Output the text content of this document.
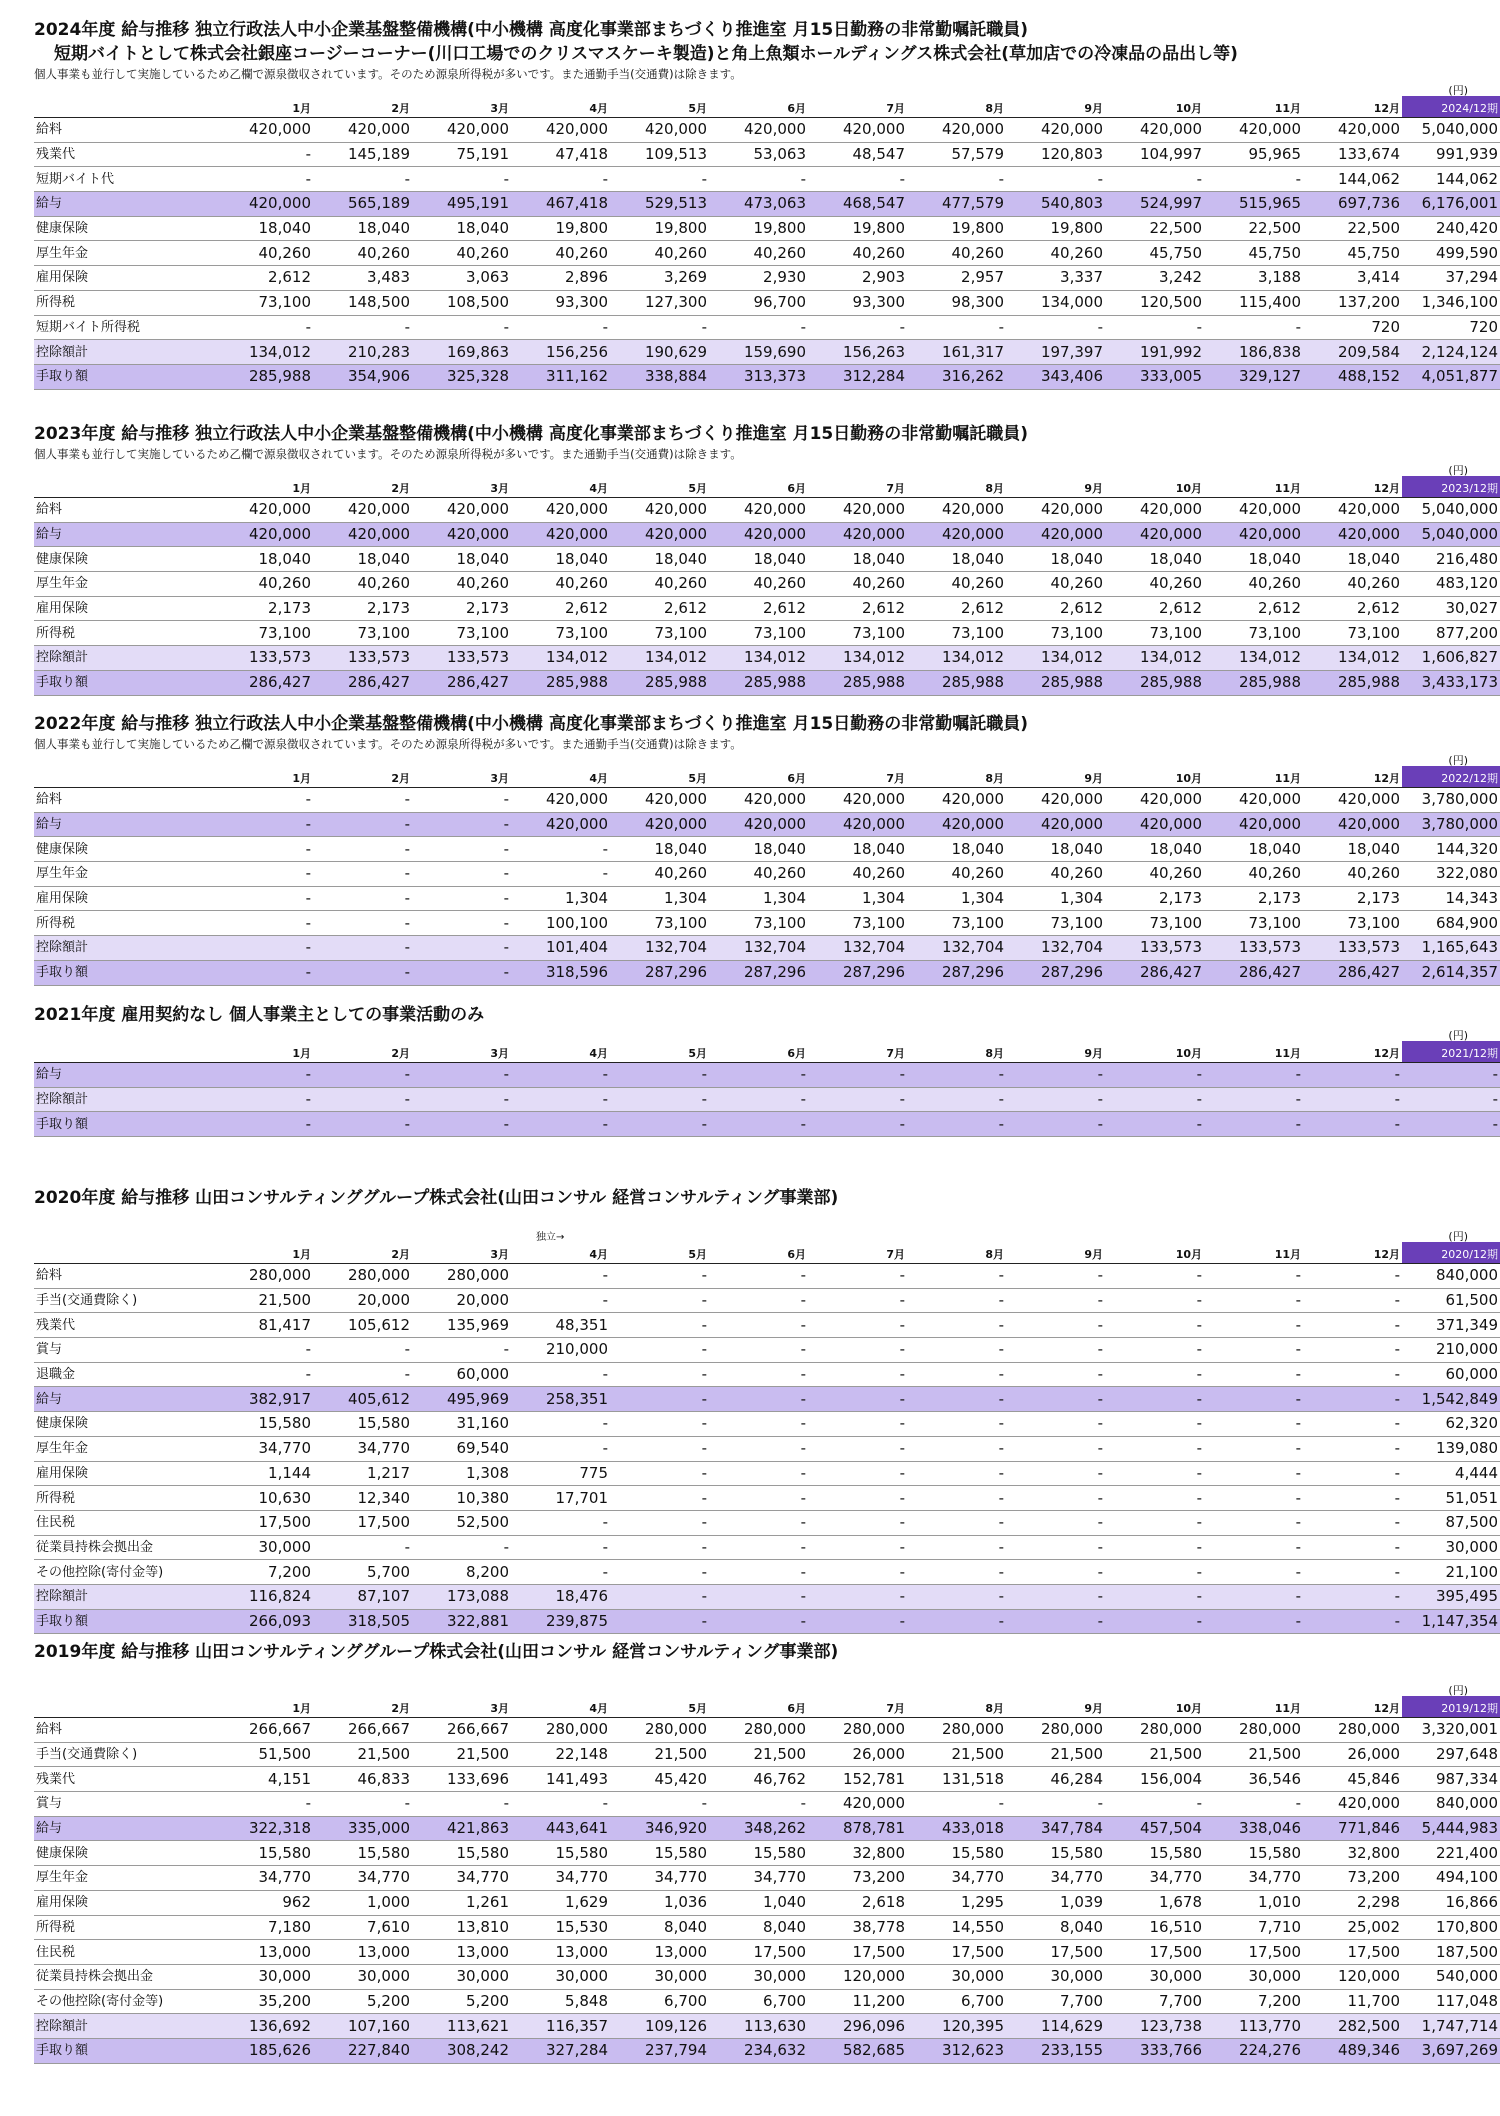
2024年度 給与推移 独立行政法人中小企業基盤整備機構(中小機構 高度化事業部まちづくり推進室 月15日勤務の非常勤嘱託職員)
短期バイトとして株式会社銀座コージーコーナー(川口工場でのクリスマスケーキ製造)と角上魚類ホールディングス株式会社(草加店での冷凍品の品出し等)
個人事業も並行して実施しているため乙欄で源泉徴収されています。そのため源泉所得税が多いです。また通勤手当(交通費)は除きます。
(円)
	1月	2月	3月	4月	5月	6月	7月	8月	9月	10月	11月	12月	2024/12期
給料	420,000	420,000	420,000	420,000	420,000	420,000	420,000	420,000	420,000	420,000	420,000	420,000	5,040,000
残業代	-	145,189	75,191	47,418	109,513	53,063	48,547	57,579	120,803	104,997	95,965	133,674	991,939
短期バイト代	-	-	-	-	-	-	-	-	-	-	-	144,062	144,062
給与	420,000	565,189	495,191	467,418	529,513	473,063	468,547	477,579	540,803	524,997	515,965	697,736	6,176,001
健康保険	18,040	18,040	18,040	19,800	19,800	19,800	19,800	19,800	19,800	22,500	22,500	22,500	240,420
厚生年金	40,260	40,260	40,260	40,260	40,260	40,260	40,260	40,260	40,260	45,750	45,750	45,750	499,590
雇用保険	2,612	3,483	3,063	2,896	3,269	2,930	2,903	2,957	3,337	3,242	3,188	3,414	37,294
所得税	73,100	148,500	108,500	93,300	127,300	96,700	93,300	98,300	134,000	120,500	115,400	137,200	1,346,100
短期バイト所得税	-	-	-	-	-	-	-	-	-	-	-	720	720
控除額計	134,012	210,283	169,863	156,256	190,629	159,690	156,263	161,317	197,397	191,992	186,838	209,584	2,124,124
手取り額	285,988	354,906	325,328	311,162	338,884	313,373	312,284	316,262	343,406	333,005	329,127	488,152	4,051,877
2023年度 給与推移 独立行政法人中小企業基盤整備機構(中小機構 高度化事業部まちづくり推進室 月15日勤務の非常勤嘱託職員)
個人事業も並行して実施しているため乙欄で源泉徴収されています。そのため源泉所得税が多いです。また通勤手当(交通費)は除きます。
(円)
	1月	2月	3月	4月	5月	6月	7月	8月	9月	10月	11月	12月	2023/12期
給料	420,000	420,000	420,000	420,000	420,000	420,000	420,000	420,000	420,000	420,000	420,000	420,000	5,040,000
給与	420,000	420,000	420,000	420,000	420,000	420,000	420,000	420,000	420,000	420,000	420,000	420,000	5,040,000
健康保険	18,040	18,040	18,040	18,040	18,040	18,040	18,040	18,040	18,040	18,040	18,040	18,040	216,480
厚生年金	40,260	40,260	40,260	40,260	40,260	40,260	40,260	40,260	40,260	40,260	40,260	40,260	483,120
雇用保険	2,173	2,173	2,173	2,612	2,612	2,612	2,612	2,612	2,612	2,612	2,612	2,612	30,027
所得税	73,100	73,100	73,100	73,100	73,100	73,100	73,100	73,100	73,100	73,100	73,100	73,100	877,200
控除額計	133,573	133,573	133,573	134,012	134,012	134,012	134,012	134,012	134,012	134,012	134,012	134,012	1,606,827
手取り額	286,427	286,427	286,427	285,988	285,988	285,988	285,988	285,988	285,988	285,988	285,988	285,988	3,433,173
2022年度 給与推移 独立行政法人中小企業基盤整備機構(中小機構 高度化事業部まちづくり推進室 月15日勤務の非常勤嘱託職員)
個人事業も並行して実施しているため乙欄で源泉徴収されています。そのため源泉所得税が多いです。また通勤手当(交通費)は除きます。
(円)
	1月	2月	3月	4月	5月	6月	7月	8月	9月	10月	11月	12月	2022/12期
給料	-	-	-	420,000	420,000	420,000	420,000	420,000	420,000	420,000	420,000	420,000	3,780,000
給与	-	-	-	420,000	420,000	420,000	420,000	420,000	420,000	420,000	420,000	420,000	3,780,000
健康保険	-	-	-	-	18,040	18,040	18,040	18,040	18,040	18,040	18,040	18,040	144,320
厚生年金	-	-	-	-	40,260	40,260	40,260	40,260	40,260	40,260	40,260	40,260	322,080
雇用保険	-	-	-	1,304	1,304	1,304	1,304	1,304	1,304	2,173	2,173	2,173	14,343
所得税	-	-	-	100,100	73,100	73,100	73,100	73,100	73,100	73,100	73,100	73,100	684,900
控除額計	-	-	-	101,404	132,704	132,704	132,704	132,704	132,704	133,573	133,573	133,573	1,165,643
手取り額	-	-	-	318,596	287,296	287,296	287,296	287,296	287,296	286,427	286,427	286,427	2,614,357
2021年度 雇用契約なし 個人事業主としての事業活動のみ
(円)
	1月	2月	3月	4月	5月	6月	7月	8月	9月	10月	11月	12月	2021/12期
給与	-	-	-	-	-	-	-	-	-	-	-	-	-
控除額計	-	-	-	-	-	-	-	-	-	-	-	-	-
手取り額	-	-	-	-	-	-	-	-	-	-	-	-	-
2020年度 給与推移 山田コンサルティンググループ株式会社(山田コンサル 経営コンサルティング事業部)
独立→	(円)
	1月	2月	3月	4月	5月	6月	7月	8月	9月	10月	11月	12月	2020/12期
給料	280,000	280,000	280,000	-	-	-	-	-	-	-	-	-	840,000
手当(交通費除く)	21,500	20,000	20,000	-	-	-	-	-	-	-	-	-	61,500
残業代	81,417	105,612	135,969	48,351	-	-	-	-	-	-	-	-	371,349
賞与	-	-	-	210,000	-	-	-	-	-	-	-	-	210,000
退職金	-	-	60,000	-	-	-	-	-	-	-	-	-	60,000
給与	382,917	405,612	495,969	258,351	-	-	-	-	-	-	-	-	1,542,849
健康保険	15,580	15,580	31,160	-	-	-	-	-	-	-	-	-	62,320
厚生年金	34,770	34,770	69,540	-	-	-	-	-	-	-	-	-	139,080
雇用保険	1,144	1,217	1,308	775	-	-	-	-	-	-	-	-	4,444
所得税	10,630	12,340	10,380	17,701	-	-	-	-	-	-	-	-	51,051
住民税	17,500	17,500	52,500	-	-	-	-	-	-	-	-	-	87,500
従業員持株会拠出金	30,000	-	-	-	-	-	-	-	-	-	-	-	30,000
その他控除(寄付金等)	7,200	5,700	8,200	-	-	-	-	-	-	-	-	-	21,100
控除額計	116,824	87,107	173,088	18,476	-	-	-	-	-	-	-	-	395,495
手取り額	266,093	318,505	322,881	239,875	-	-	-	-	-	-	-	-	1,147,354
2019年度 給与推移 山田コンサルティンググループ株式会社(山田コンサル 経営コンサルティング事業部)
(円)
	1月	2月	3月	4月	5月	6月	7月	8月	9月	10月	11月	12月	2019/12期
給料	266,667	266,667	266,667	280,000	280,000	280,000	280,000	280,000	280,000	280,000	280,000	280,000	3,320,001
手当(交通費除く)	51,500	21,500	21,500	22,148	21,500	21,500	26,000	21,500	21,500	21,500	21,500	26,000	297,648
残業代	4,151	46,833	133,696	141,493	45,420	46,762	152,781	131,518	46,284	156,004	36,546	45,846	987,334
賞与	-	-	-	-	-	-	420,000	-	-	-	-	420,000	840,000
給与	322,318	335,000	421,863	443,641	346,920	348,262	878,781	433,018	347,784	457,504	338,046	771,846	5,444,983
健康保険	15,580	15,580	15,580	15,580	15,580	15,580	32,800	15,580	15,580	15,580	15,580	32,800	221,400
厚生年金	34,770	34,770	34,770	34,770	34,770	34,770	73,200	34,770	34,770	34,770	34,770	73,200	494,100
雇用保険	962	1,000	1,261	1,629	1,036	1,040	2,618	1,295	1,039	1,678	1,010	2,298	16,866
所得税	7,180	7,610	13,810	15,530	8,040	8,040	38,778	14,550	8,040	16,510	7,710	25,002	170,800
住民税	13,000	13,000	13,000	13,000	13,000	17,500	17,500	17,500	17,500	17,500	17,500	17,500	187,500
従業員持株会拠出金	30,000	30,000	30,000	30,000	30,000	30,000	120,000	30,000	30,000	30,000	30,000	120,000	540,000
その他控除(寄付金等)	35,200	5,200	5,200	5,848	6,700	6,700	11,200	6,700	7,700	7,700	7,200	11,700	117,048
控除額計	136,692	107,160	113,621	116,357	109,126	113,630	296,096	120,395	114,629	123,738	113,770	282,500	1,747,714
手取り額	185,626	227,840	308,242	327,284	237,794	234,632	582,685	312,623	233,155	333,766	224,276	489,346	3,697,269
